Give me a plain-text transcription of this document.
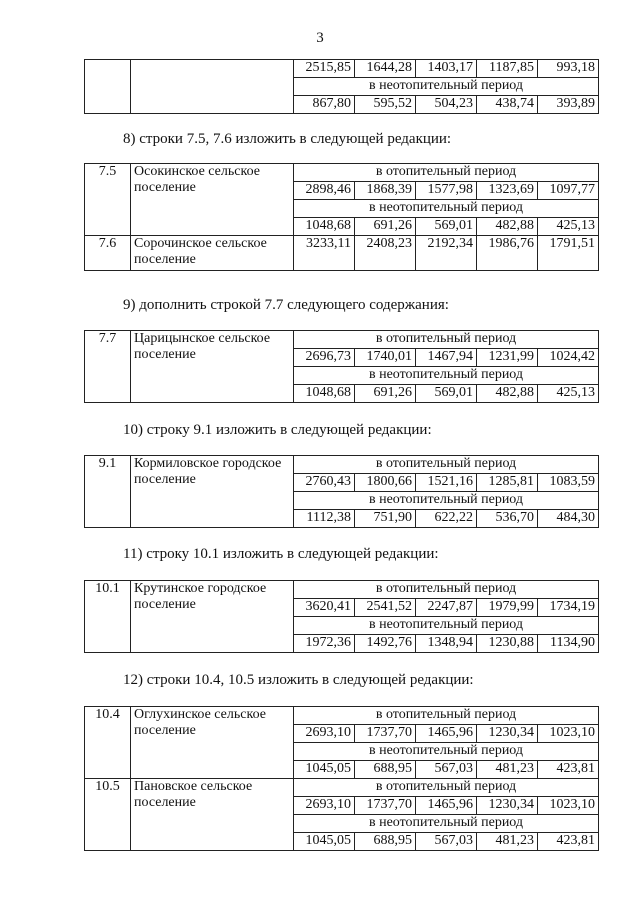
3
		2515,85	1644,28	1403,17	1187,85	993,18
		в неотопительный период				
		867,80	595,52	504,23	438,74	393,89
8) строки 7.5, 7.6 изложить в следующей редакции:
7.5	Осокинское сельское поселение	в отопительный период				
		2898,46	1868,39	1577,98	1323,69	1097,77
		в неотопительный период				
		1048,68	691,26	569,01	482,88	425,13
7.6	Сорочинское сельское поселение	3233,11	2408,23	2192,34	1986,76	1791,51
9) дополнить строкой 7.7 следующего содержания:
7.7	Царицынское сельское поселение	в отопительный период				
		2696,73	1740,01	1467,94	1231,99	1024,42
		в неотопительный период				
		1048,68	691,26	569,01	482,88	425,13
10) строку 9.1 изложить в следующей редакции:
9.1	Кормиловское городское поселение	в отопительный период				
		2760,43	1800,66	1521,16	1285,81	1083,59
		в неотопительный период				
		1112,38	751,90	622,22	536,70	484,30
11) строку 10.1 изложить в следующей редакции:
10.1	Крутинское городское поселение	в отопительный период				
		3620,41	2541,52	2247,87	1979,99	1734,19
		в неотопительный период				
		1972,36	1492,76	1348,94	1230,88	1134,90
12) строки 10.4, 10.5 изложить в следующей редакции:
10.4	Оглухинское сельское поселение	в отопительный период				
		2693,10	1737,70	1465,96	1230,34	1023,10
		в неотопительный период				
		1045,05	688,95	567,03	481,23	423,81
10.5	Пановское сельское поселение	в отопительный период				
		2693,10	1737,70	1465,96	1230,34	1023,10
		в неотопительный период				
		1045,05	688,95	567,03	481,23	423,81
